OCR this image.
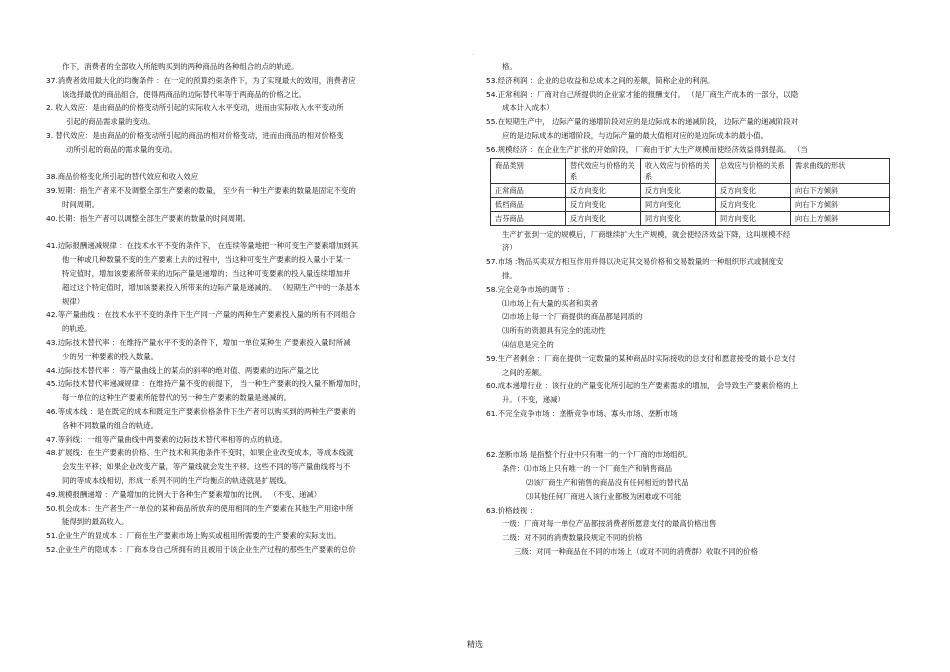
·
作下，消费者的全部收入所能购买到的两种商品的各种组合的点的轨迹。
37.消费者效用最大化的均衡条件 ：在一定的预算约束条件下，为了实现最大的效用，消费者应
该选择最优的商品组合，使得两商品的边际替代率等于两商品的价格之比。
2. 收入效应：是由商品的价格变动所引起的实际收入水平变动，进而由实际收入水平变动所
引起的商品需求量的变动。
3. 替代效应：是由商品的价格变动所引起的商品的相对价格变动，进而由商品的相对价格变
动所引起的商品的需求量的变动。
38.商品价格变化所引起的替代效应和收入效应
39.短期：指生产者来不及调整全部生产要素的数量， 至少有一种生产要素的数量是固定不变的
时间周期。
40.长期：指生产者可以调整全部生产要素的数量的时间周期。
41.边际报酬递减规律 ：在技术水平不变的条件下， 在连续等量地把一种可变生产要素增加到其
他一种或几种数量不变的生产要素上去的过程中，当这种可变生产要素的投入量小于某一
特定值时，增加该要素所带来的边际产量是递增的；当这种可变要素的投入量连续增加并
超过这个特定值时，增加该要素投入所带来的边际产量是递减的。 （短期生产中的一条基本
规律）
42.等产量曲线 ：在技术水平不变的条件下生产同一产量的两种生产要素投入量的所有不同组合
的轨迹。
43.边际技术替代率 ：在维持产量水平不变的条件下，增加一单位某种生 产要素投入量时所减
少的另一种要素的投入数量。
44.边际技术替代率 ：等产量曲线上的某点的斜率的绝对值、两要素的边际产量之比
45.边际技术替代率递减规律 ：在维持产量不变的前提下， 当一种生产要素的投入量不断增加时，
每一单位的这种生产要素所能替代的另一种生产要素的数量是递减的。
46.等成本线 ：是在既定的成本和既定生产要素价格条件下生产者可以购买到的两种生产要素的
各种不同数量的组合的轨迹。
47.等斜线：一组等产量曲线中两要素的边际技术替代率相等的点的轨迹。
48.扩展线：在生产要素的价格、生产技术和其他条件不变时，如果企业改变成本，等成本线就
会发生平移；如果企业改变产量，等产量线就会发生平移。这些不同的等产量曲线将与不
同的等成本线相切，形成一系列不同的生产均衡点的轨迹就是扩展线。
49.规模报酬递增 ：产量增加的比例大于各种生产要素增加的比例。 （不变、递减）
50.机会成本：生产者生产一单位的某种商品所放弃的使用相同的生产要素在其他生产用途中所
能得到的最高收入。
51.企业生产的显成本 ：厂商在生产要素市场上购买或租用所需要的生产要素的实际支出。
52.企业生产的隐成本 ：厂商本身自己所拥有的且被用于该企业生产过程的那些生产要素的总价
格。
53.经济利润 ：企业的总收益和总成本之间的差额，简称企业的利润。
54.正常利润 ：厂商对自己所提供的企业家才能的报酬支付。 （是厂商生产成本的一部分，以隐
成本计入成本）
55.在短期生产中， 边际产量的递增阶段对应的是边际成本的递减阶段， 边际产量的递减阶段对
应的是边际成本的递增阶段，与边际产量的最大值相对应的是边际成本的最小值。
56.规模经济 ：在企业生产扩张的开始阶段， 厂商由于扩大生产规模而使经济效益得到提高。 （当
商品类别	替代效应与价格的关系	收入效应与价格的关系	总效应与价格的关系	需求曲线的形状
正常商品	反方向变化	反方向变化	反方向变化	向右下方倾斜
低档商品	反方向变化	同方向变化	反方向变化	向右下方倾斜
吉芬商品	反方向变化	同方向变化	同方向变化	向右上方倾斜
生产扩张到一定的规模后，厂商继续扩大生产规模，就会使经济效益下降，这叫规模不经
济）
57.市场 :物品买卖双方相互作用并得以决定其交易价格和交易数量的一种组织形式或制度安
排。
58.完全竞争市场的调节 ：
⑴市场上有大量的买者和卖者
⑵市场上每一个厂商提供的商品都是同质的
⑶所有的资源具有完全的流动性
⑷信息是完全的
59.生产者剩余 ：厂商在提供一定数量的某种商品时实际接收的总支付和愿意接受的最小总支付
之间的差额。
60.成本递增行业 ：该行业的产量变化所引起的生产要素需求的增加， 会导致生产要素价格的上
升。（不变，递减）
61.不完全竞争市场 ：垄断竞争市场、寡头市场、垄断市场
62.垄断市场 是指整个行业中只有唯一的一个厂商的市场组织。
条件：⑴市场上只有唯一的一个厂商生产和销售商品
⑵该厂商生产和销售的商品没有任何相近的替代品
⑶其他任何厂商进入该行业都极为困难或不可能
63.价格歧视 ：
一级：厂商对每一单位产品都按消费者所愿意支付的最高价格出售
二级：对不同的消费数量段规定不同的价格
三级：对同一种商品在不同的市场上（或对不同的消费群）收取不同的价格
精选
